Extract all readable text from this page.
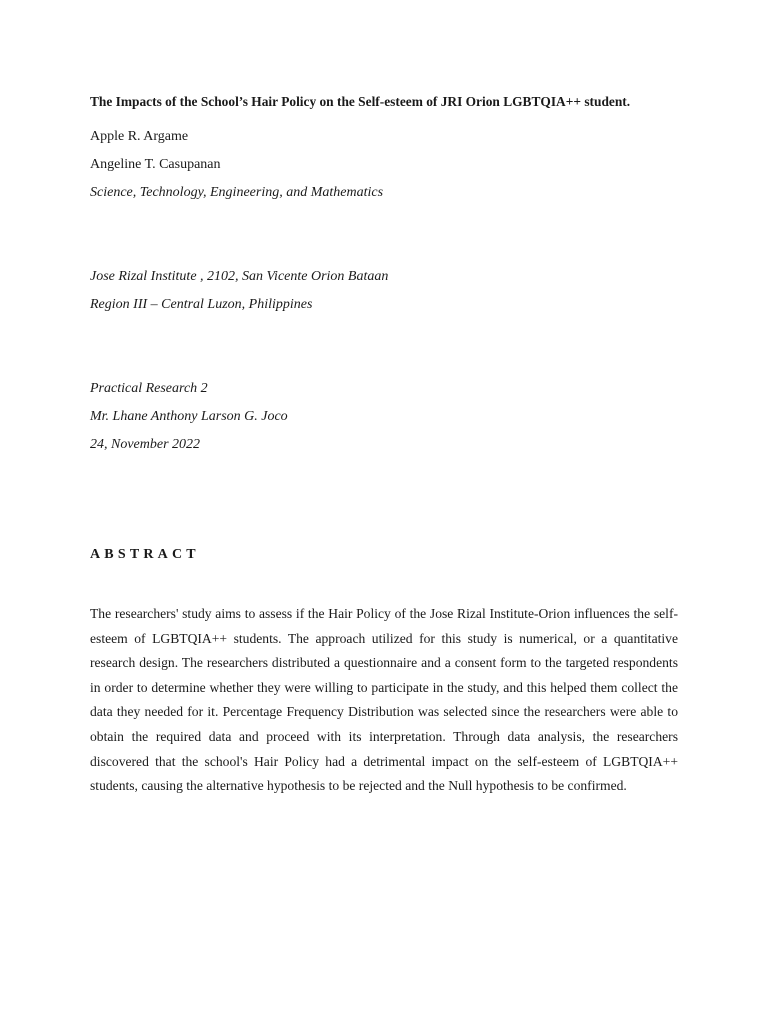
The Impacts of the School’s Hair Policy on the Self-esteem of JRI Orion LGBTQIA++ student.
Apple R. Argame
Angeline T. Casupanan
Science, Technology, Engineering, and Mathematics
Jose Rizal Institute , 2102, San Vicente Orion Bataan
Region III – Central Luzon, Philippines
Practical Research 2
Mr. Lhane Anthony Larson G. Joco
24, November 2022
ABSTRACT
The researchers' study aims to assess if the Hair Policy of the Jose Rizal Institute-Orion influences the self-esteem of LGBTQIA++ students. The approach utilized for this study is numerical, or a quantitative research design. The researchers distributed a questionnaire and a consent form to the targeted respondents in order to determine whether they were willing to participate in the study, and this helped them collect the data they needed for it. Percentage Frequency Distribution was selected since the researchers were able to obtain the required data and proceed with its interpretation. Through data analysis, the researchers discovered that the school's Hair Policy had a detrimental impact on the self-esteem of LGBTQIA++ students, causing the alternative hypothesis to be rejected and the Null hypothesis to be confirmed.
